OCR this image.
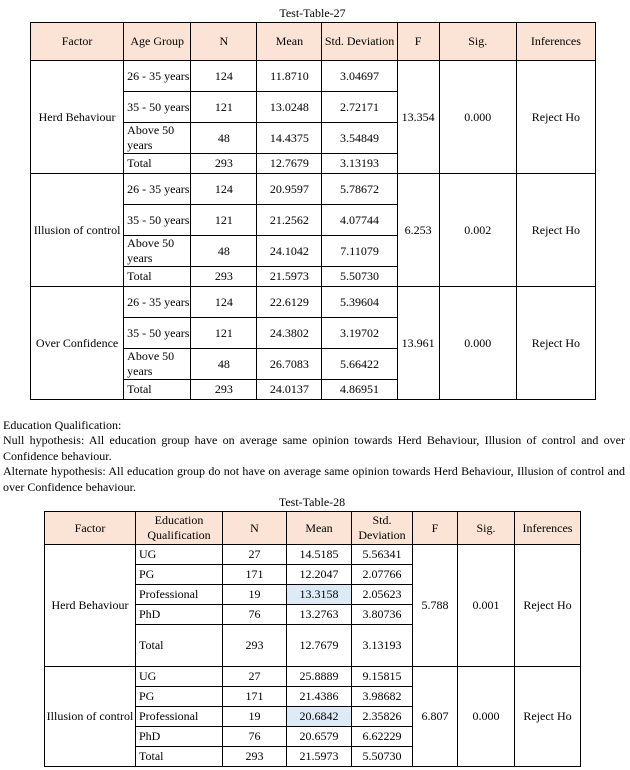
Test-Table-27
Factor	Age Group	N	Mean	Std. Deviation	F	Sig.	Inferences
Herd Behaviour	26 - 35 years	124	11.8710	3.04697	13.354	0.000	Reject Ho
	35 - 50 years	121	13.0248	2.72171			
	Above 50 years	48	14.4375	3.54849			
	Total	293	12.7679	3.13193			
Illusion of control	26 - 35 years	124	20.9597	5.78672	6.253	0.002	Reject Ho
	35 - 50 years	121	21.2562	4.07744			
	Above 50 years	48	24.1042	7.11079			
	Total	293	21.5973	5.50730			
Over Confidence	26 - 35 years	124	22.6129	5.39604	13.961	0.000	Reject Ho
	35 - 50 years	121	24.3802	3.19702			
	Above 50 years	48	26.7083	5.66422			
	Total	293	24.0137	4.86951			
Education Qualification:
Null hypothesis: All education group have on average same opinion towards Herd Behaviour, Illusion of control and over Confidence behaviour.
Alternate hypothesis: All education group do not have on average same opinion towards Herd Behaviour, Illusion of control and over Confidence behaviour.
Test-Table-28
Factor	Education Qualification	N	Mean	Std. Deviation	F	Sig.	Inferences
Herd Behaviour	UG	27	14.5185	5.56341	5.788	0.001	Reject Ho
	PG	171	12.2047	2.07766			
	Professional	19	13.3158	2.05623			
	PhD	76	13.2763	3.80736			
	Total	293	12.7679	3.13193			
Illusion of control	UG	27	25.8889	9.15815	6.807	0.000	Reject Ho
	PG	171	21.4386	3.98682			
	Professional	19	20.6842	2.35826			
	PhD	76	20.6579	6.62229			
	Total	293	21.5973	5.50730			
